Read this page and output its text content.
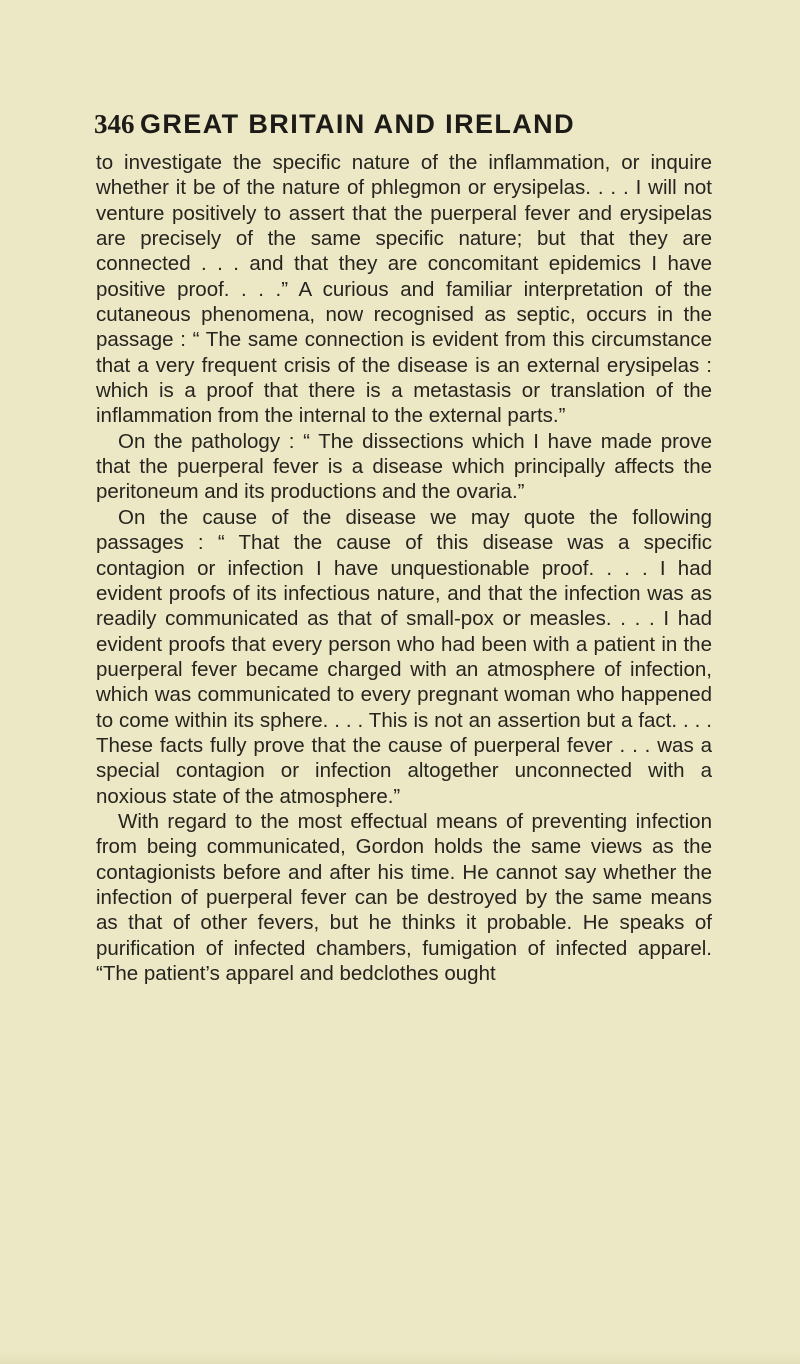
346 GREAT BRITAIN AND IRELAND

to investigate the specific nature of the inflammation, or inquire whether it be of the nature of phlegmon or erysipelas. . . . I will not venture positively to assert that the puerperal fever and erysipelas are precisely of the same specific nature; but that they are connected . . . and that they are concomitant epidemics I have positive proof. . . .” A curious and familiar interpretation of the cutaneous phenomena, now recognised as septic, occurs in the passage : “ The same connection is evident from this circumstance that a very frequent crisis of the disease is an external erysipelas : which is a proof that there is a metastasis or translation of the inflammation from the internal to the external parts.”

On the pathology : “ The dissections which I have made prove that the puerperal fever is a disease which principally affects the peritoneum and its productions and the ovaria.”

On the cause of the disease we may quote the following passages : “ That the cause of this disease was a specific contagion or infection I have unquestionable proof. . . . I had evident proofs of its infectious nature, and that the infection was as readily communicated as that of small-pox or measles. . . . I had evident proofs that every person who had been with a patient in the puerperal fever became charged with an atmosphere of infection, which was communicated to every pregnant woman who happened to come within its sphere. . . . This is not an assertion but a fact. . . . These facts fully prove that the cause of puerperal fever . . . was a special contagion or infection altogether unconnected with a noxious state of the atmosphere.”

With regard to the most effectual means of preventing infection from being communicated, Gordon holds the same views as the contagionists before and after his time. He cannot say whether the infection of puerperal fever can be destroyed by the same means as that of other fevers, but he thinks it probable. He speaks of purification of infected chambers, fumigation of infected apparel. “The patient’s apparel and bedclothes ought
